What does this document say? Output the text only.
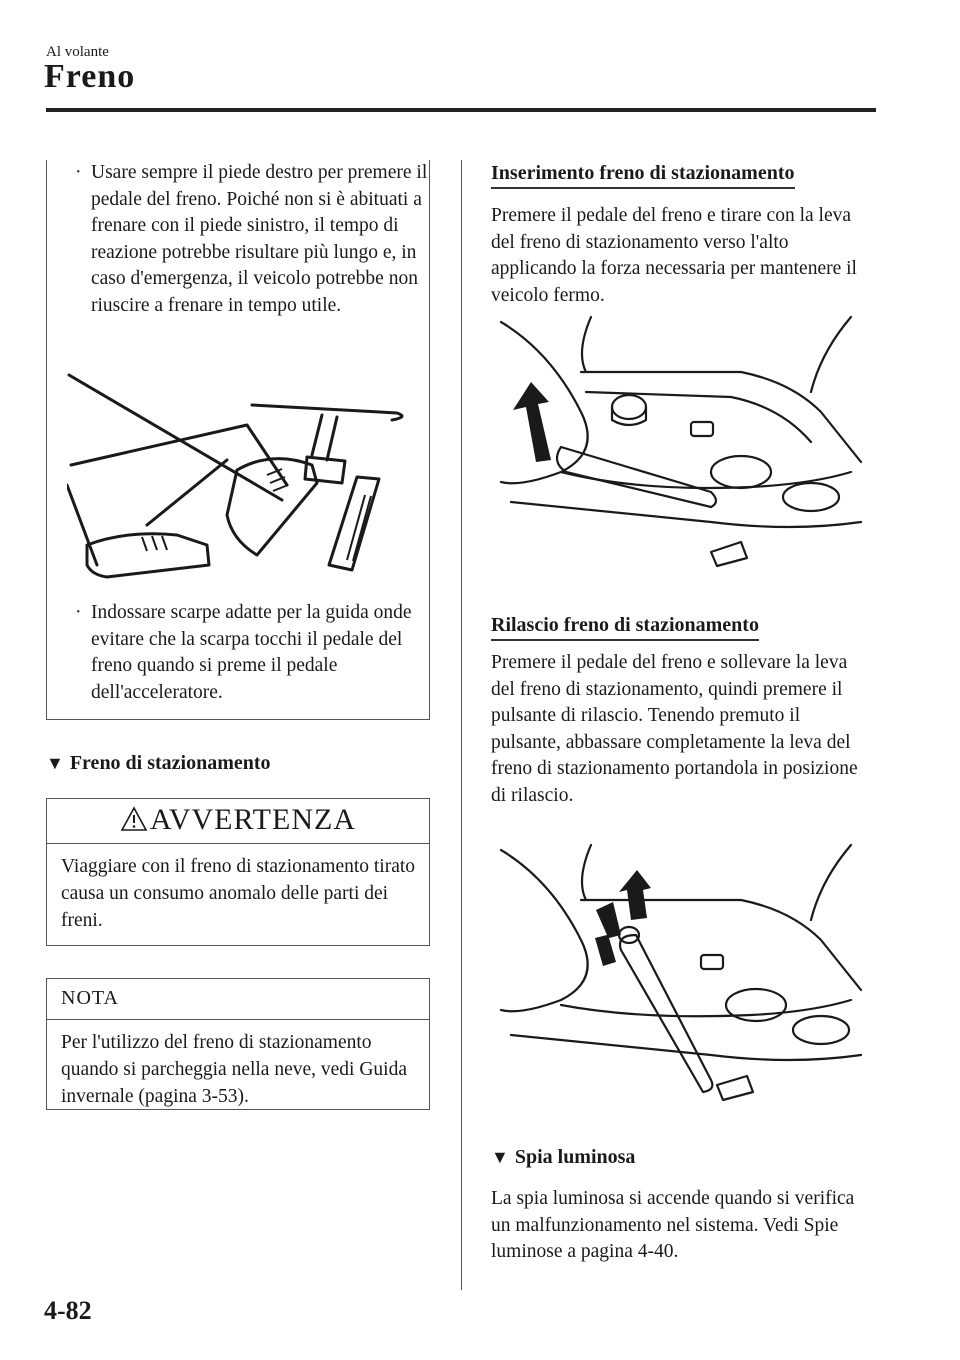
Al volante
Freno
· Usare sempre il piede destro per premere il pedale del freno. Poiché non si è abituati a frenare con il piede sinistro, il tempo di reazione potrebbe risultare più lungo e, in caso d'emergenza, il veicolo potrebbe non riuscire a frenare in tempo utile.
· Indossare scarpe adatte per la guida onde evitare che la scarpa tocchi il pedale del freno quando si preme il pedale dell'acceleratore.
▼ Freno di stazionamento
AVVERTENZA
Viaggiare con il freno di stazionamento tirato causa un consumo anomalo delle parti dei freni.
NOTA
Per l'utilizzo del freno di stazionamento quando si parcheggia nella neve, vedi Guida invernale (pagina 3-53).
Inserimento freno di stazionamento
Premere il pedale del freno e tirare con la leva del freno di stazionamento verso l'alto applicando la forza necessaria per mantenere il veicolo fermo.
Rilascio freno di stazionamento
Premere il pedale del freno e sollevare la leva del freno di stazionamento, quindi premere il pulsante di rilascio. Tenendo premuto il pulsante, abbassare completamente la leva del freno di stazionamento portandola in posizione di rilascio.
▼ Spia luminosa
La spia luminosa si accende quando si verifica un malfunzionamento nel sistema. Vedi Spie luminose a pagina 4-40.
4-82
